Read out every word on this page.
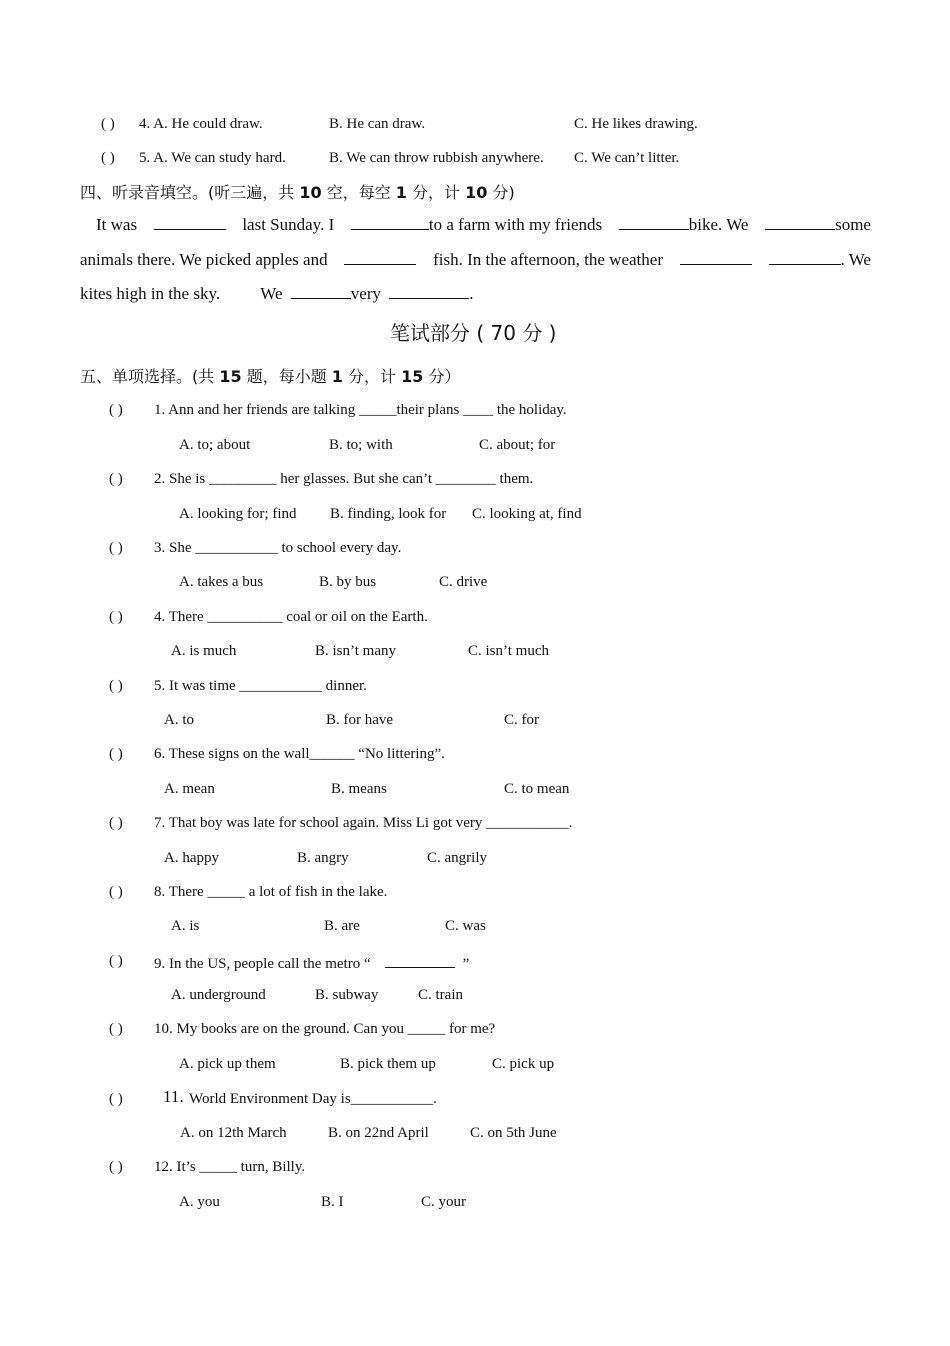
( ) 4. A. He could draw.	B. He can draw.	C. He likes drawing.
( ) 5. A. We can study hard.	B. We can throw rubbish anywhere. C. We can’t litter.
四、听录音填空。(听三遍，共 10 空，每空 1 分，计 10 分)
It was	last Sunday. I	to a farm with my friends	bike. We	some
animals there. We picked apples and	fish. In the afternoon, the weather	. We
kites high in the sky. We	very	.
笔试部分 ( 70 分 )
五、单项选择。(共 15 题，每小题 1 分，计 15 分）
( ) 1. Ann and her friends are talking _____their plans ____ the holiday.
A. to; about	B. to; with	C. about; for
( ) 2. She is _________ her glasses. But she can’t ________ them.
A. looking for; find B. finding, look for C. looking at, find
( ) 3. She ___________ to school every day.
A. takes a bus	B. by bus	C. drive
( ) 4. There __________ coal or oil on the Earth.
A. is much	B. isn’t many	C. isn’t much
( ) 5. It was time ___________ dinner.
A. to	B. for have	C. for
( ) 6. These signs on the wall______ “No littering”.
A. mean	B. means	C. to mean
( ) 7. That boy was late for school again. Miss Li got very ___________.
A. happy	B. angry	C. angrily
( ) 8. There _____ a lot of fish in the lake.
A. is	B. are	C. was
( ) 9. In the US, people call the metro “	”
A. underground	B. subway	C. train
( ) 10. My books are on the ground. Can you _____ for me?
A. pick up them	B. pick them up	C. pick up
( ) 11. World Environment Day is___________.
A. on 12th March	B. on 22nd April	C. on 5th June
( ) 12. It’s _____ turn, Billy.
A. you	B. I	C. your
